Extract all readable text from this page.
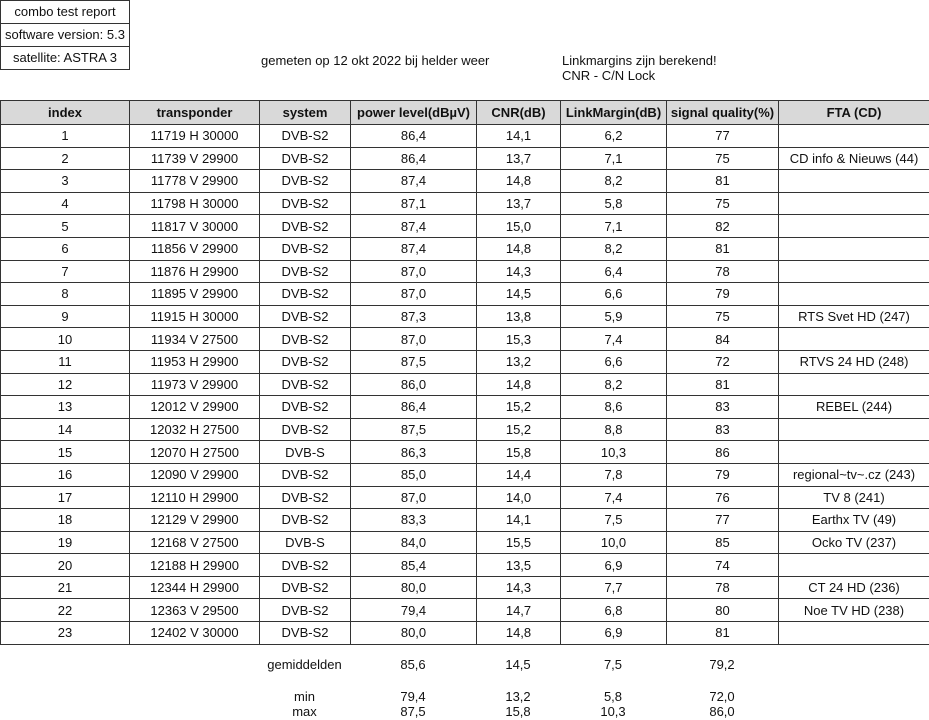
combo test report
software version: 5.3
satellite: ASTRA 3	gemeten op 12 okt 2022 bij helder weer	Linkmargins zijn berekend!
CNR - C/N Lock
index	transponder	system	power level(dBµV)	CNR(dB)	LinkMargin(dB)	signal quality(%)	FTA (CD)
1	11719 H 30000	DVB-S2	86,4	14,1	6,2	77	
2	11739 V 29900	DVB-S2	86,4	13,7	7,1	75	CD info & Nieuws (44)
3	11778 V 29900	DVB-S2	87,4	14,8	8,2	81	
4	11798 H 30000	DVB-S2	87,1	13,7	5,8	75	
5	11817 V 30000	DVB-S2	87,4	15,0	7,1	82	
6	11856 V 29900	DVB-S2	87,4	14,8	8,2	81	
7	11876 H 29900	DVB-S2	87,0	14,3	6,4	78	
8	11895 V 29900	DVB-S2	87,0	14,5	6,6	79	
9	11915 H 30000	DVB-S2	87,3	13,8	5,9	75	RTS Svet HD (247)
10	11934 V 27500	DVB-S2	87,0	15,3	7,4	84	
11	11953 H 29900	DVB-S2	87,5	13,2	6,6	72	RTVS 24 HD (248)
12	11973 V 29900	DVB-S2	86,0	14,8	8,2	81	
13	12012 V 29900	DVB-S2	86,4	15,2	8,6	83	REBEL (244)
14	12032 H 27500	DVB-S2	87,5	15,2	8,8	83	
15	12070 H 27500	DVB-S	86,3	15,8	10,3	86	
16	12090 V 29900	DVB-S2	85,0	14,4	7,8	79	regional~tv~.cz (243)
17	12110 H 29900	DVB-S2	87,0	14,0	7,4	76	TV 8 (241)
18	12129 V 29900	DVB-S2	83,3	14,1	7,5	77	Earthx TV (49)
19	12168 V 27500	DVB-S	84,0	15,5	10,0	85	Ocko TV (237)
20	12188 H 29900	DVB-S2	85,4	13,5	6,9	74	
21	12344 H 29900	DVB-S2	80,0	14,3	7,7	78	CT 24 HD (236)
22	12363 V 29500	DVB-S2	79,4	14,7	6,8	80	Noe TV HD (238)
23	12402 V 30000	DVB-S2	80,0	14,8	6,9	81	
gemiddelden	85,6	14,5	7,5	79,2
min	79,4	13,2	5,8	72,0
max	87,5	15,8	10,3	86,0
